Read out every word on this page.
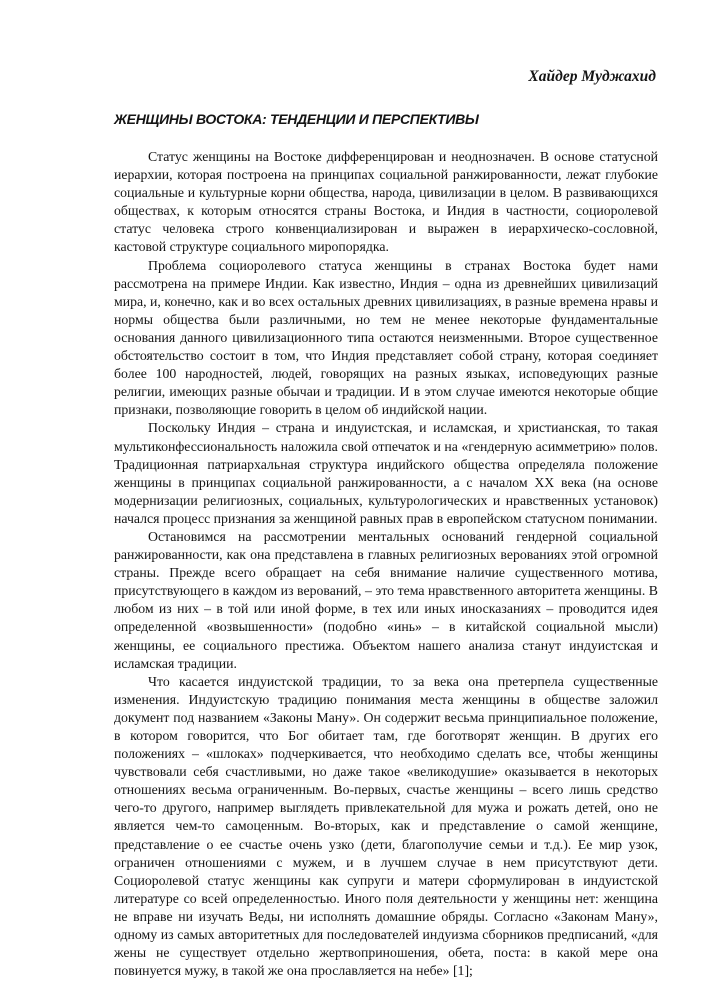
Хайдер Муджахид

ЖЕНЩИНЫ ВОСТОКА: ТЕНДЕНЦИИ И ПЕРСПЕКТИВЫ

Статус женщины на Востоке дифференцирован и неоднозначен. В основе статусной иерархии, которая построена на принципах социальной ранжированности, лежат глубокие социальные и культурные корни общества, народа, цивилизации в целом. В развивающихся обществах, к которым относятся страны Востока, и Индия в частности, социоролевой статус человека строго конвенциализирован и выражен в иерархическо-сословной, кастовой структуре социального миропорядка.

Проблема социоролевого статуса женщины в странах Востока будет нами рассмотрена на примере Индии. Как известно, Индия – одна из древнейших цивилизаций мира, и, конечно, как и во всех остальных древних цивилизациях, в разные времена нравы и нормы общества были различными, но тем не менее некоторые фундаментальные основания данного цивилизационного типа остаются неизменными. Второе существенное обстоятельство состоит в том, что Индия представляет собой страну, которая соединяет более 100 народностей, людей, говорящих на разных языках, исповедующих разные религии, имеющих разные обычаи и традиции. И в этом случае имеются некоторые общие признаки, позволяющие говорить в целом об индийской нации.

Поскольку Индия – страна и индуистская, и исламская, и христианская, то такая мультиконфессиональность наложила свой отпечаток и на «гендерную асимметрию» полов. Традиционная патриархальная структура индийского общества определяла положение женщины в принципах социальной ранжированности, а с началом XX века (на основе модернизации религиозных, социальных, культурологических и нравственных установок) начался процесс признания за женщиной равных прав в европейском статусном понимании.

Остановимся на рассмотрении ментальных оснований гендерной социальной ранжированности, как она представлена в главных религиозных верованиях этой огромной страны. Прежде всего обращает на себя внимание наличие существенного мотива, присутствующего в каждом из верований, – это тема нравственного авторитета женщины. В любом из них – в той или иной форме, в тех или иных иносказаниях – проводится идея определенной «возвышенности» (подобно «инь» – в китайской социальной мысли) женщины, ее социального престижа. Объектом нашего анализа станут индуистская и исламская традиции.

Что касается индуистской традиции, то за века она претерпела существенные изменения. Индуистскую традицию понимания места женщины в обществе заложил документ под названием «Законы Ману». Он содержит весьма принципиальное положение, в котором говорится, что Бог обитает там, где боготворят женщин. В других его положениях – «шлоках» подчеркивается, что необходимо сделать все, чтобы женщины чувствовали себя счастливыми, но даже такое «великодушие» оказывается в некоторых отношениях весьма ограниченным. Во-первых, счастье женщины – всего лишь средство чего-то другого, например выглядеть привлекательной для мужа и рожать детей, оно не является чем-то самоценным. Во-вторых, как и представление о самой женщине, представление о ее счастье очень узко (дети, благополучие семьи и т.д.). Ее мир узок, ограничен отношениями с мужем, и в лучшем случае в нем присутствуют дети. Социоролевой статус женщины как супруги и матери сформулирован в индуистской литературе со всей определенностью. Иного поля деятельности у женщины нет: женщина не вправе ни изучать Веды, ни исполнять домашние обряды. Согласно «Законам Ману», одному из самых авторитетных для последователей индуизма сборников предписаний, «для жены не существует отдельно жертвоприношения, обета, поста: в какой мере она повинуется мужу, в такой же она прославляется на небе» [1];
